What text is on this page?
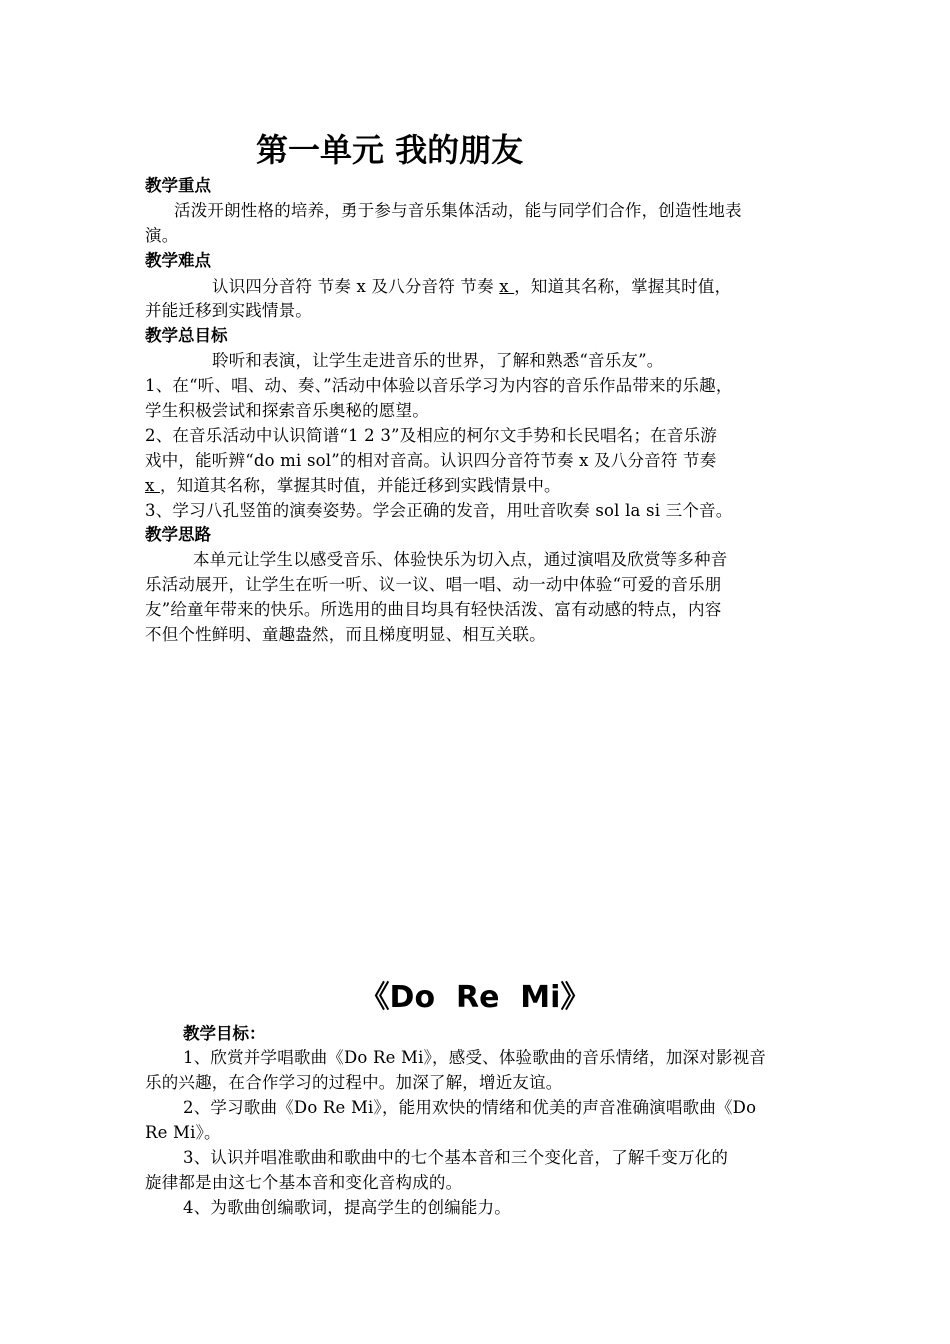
第一单元 我的朋友
教学重点
活泼开朗性格的培养，勇于参与音乐集体活动，能与同学们合作，创造性地表
演。
教学难点
认识四分音符 节奏 x 及八分音符 节奏 x ，知道其名称，掌握其时值，
并能迁移到实践情景。
教学总目标
聆听和表演，让学生走进音乐的世界，了解和熟悉“音乐友”。
1、在“听、唱、动、奏、”活动中体验以音乐学习为内容的音乐作品带来的乐趣，
学生积极尝试和探索音乐奥秘的愿望。
2、在音乐活动中认识简谱“1 2 3”及相应的柯尔文手势和长民唱名；在音乐游
戏中，能听辨“do mi sol”的相对音高。认识四分音符节奏 x 及八分音符 节奏
x ，知道其名称，掌握其时值，并能迁移到实践情景中。
3、学习八孔竖笛的演奏姿势。学会正确的发音，用吐音吹奏 sol la si 三个音。
教学思路
本单元让学生以感受音乐、体验快乐为切入点，通过演唱及欣赏等多种音
乐活动展开，让学生在听一听、议一议、唱一唱、动一动中体验“可爱的音乐朋
友”给童年带来的快乐。所选用的曲目均具有轻快活泼、富有动感的特点，内容
不但个性鲜明、童趣盎然，而且梯度明显、相互关联。
《Do  Re  Mi》
教学目标：
1、欣赏并学唱歌曲《Do Re Mi》，感受、体验歌曲的音乐情绪，加深对影视音
乐的兴趣，在合作学习的过程中。加深了解，增近友谊。
2、学习歌曲《Do Re Mi》，能用欢快的情绪和优美的声音准确演唱歌曲《Do
Re Mi》。
3、认识并唱准歌曲和歌曲中的七个基本音和三个变化音，了解千变万化的
旋律都是由这七个基本音和变化音构成的。
4、为歌曲创编歌词，提高学生的创编能力。
